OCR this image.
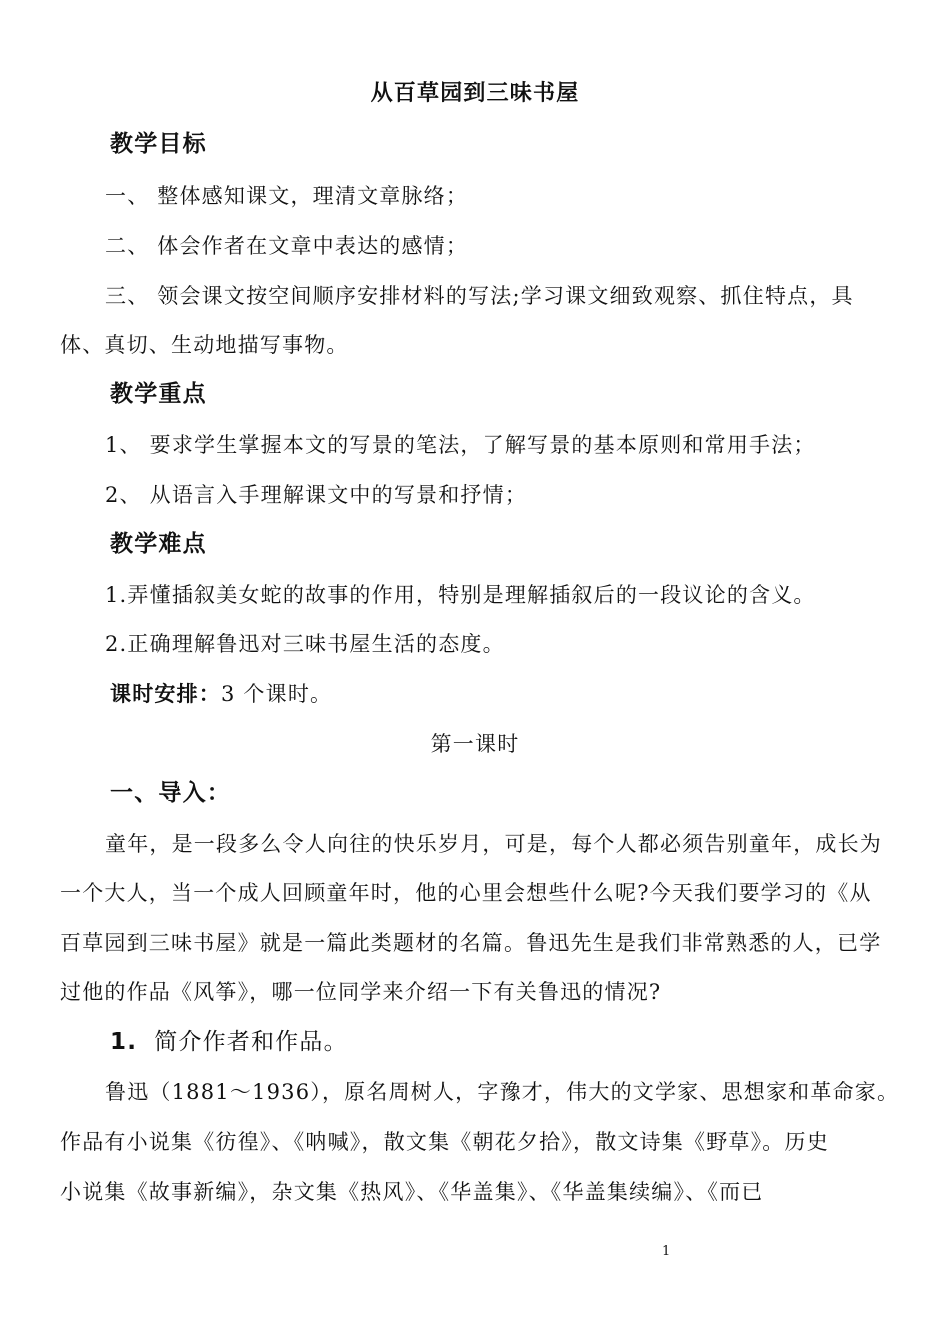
从百草园到三味书屋
教学目标
一、 整体感知课文，理清文章脉络；
二、 体会作者在文章中表达的感情；
三、 领会课文按空间顺序安排材料的写法;学习课文细致观察、抓住特点，具
体、真切、生动地描写事物。
教学重点
1、 要求学生掌握本文的写景的笔法，了解写景的基本原则和常用手法；
2、 从语言入手理解课文中的写景和抒情；
教学难点
1.弄懂插叙美女蛇的故事的作用，特别是理解插叙后的一段议论的含义。
2.正确理解鲁迅对三味书屋生活的态度。
课时安排：3 个课时。
第一课时
一、导入：
童年，是一段多么令人向往的快乐岁月，可是，每个人都必须告别童年，成长为
一个大人，当一个成人回顾童年时，他的心里会想些什么呢?今天我们要学习的《从
百草园到三味书屋》就是一篇此类题材的名篇。鲁迅先生是我们非常熟悉的人，已学
过他的作品《风筝》，哪一位同学来介绍一下有关鲁迅的情况?
1. 简介作者和作品。
鲁迅（1881～1936），原名周树人，字豫才，伟大的文学家、思想家和革命家。
作品有小说集《彷徨》、《呐喊》，散文集《朝花夕拾》，散文诗集《野草》。历史
小说集《故事新编》，杂文集《热风》、《华盖集》、《华盖集续编》、《而已
1
